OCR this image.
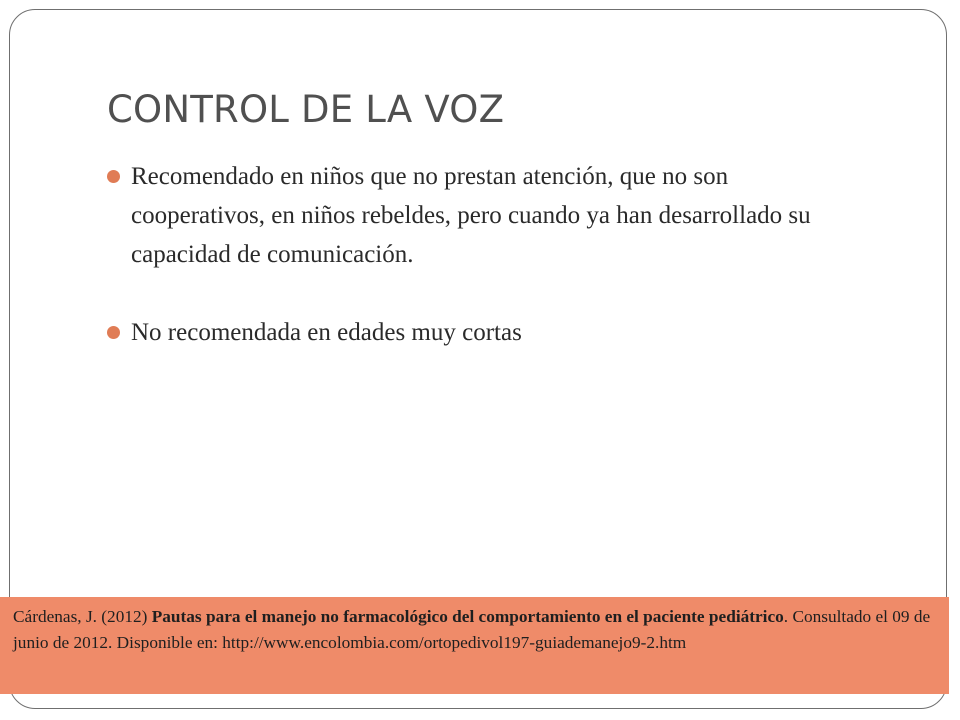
CONTROL DE LA VOZ
Recomendado en niños que no prestan atención, que no son cooperativos, en niños rebeldes, pero cuando ya han desarrollado su capacidad de comunicación.
No recomendada en edades muy cortas
Cárdenas, J. (2012) Pautas para el manejo no farmacológico del comportamiento en el paciente pediátrico. Consultado el 09 de junio de 2012. Disponible en: http://www.encolombia.com/ortopedivol197-guiademanejo9-2.htm
